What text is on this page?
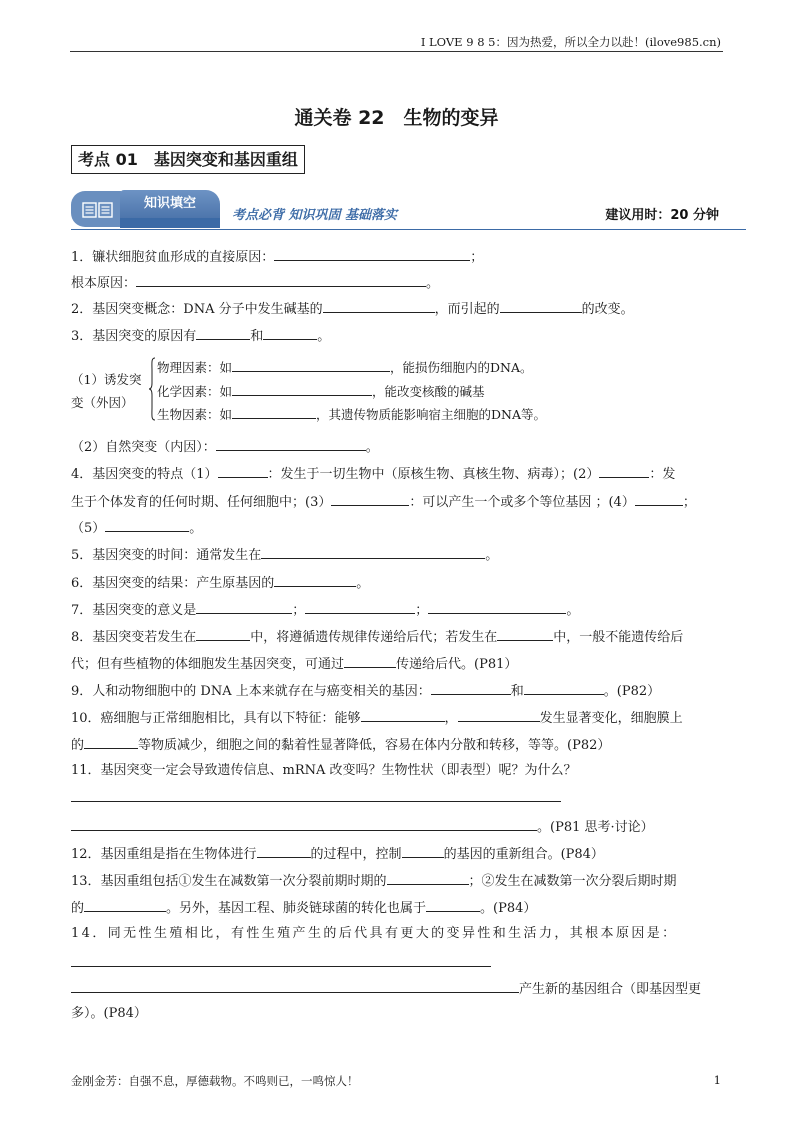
I LOVE 9 8 5：因为热爱，所以全力以赴！(ilove985.cn)
通关卷 22　生物的变异
考点 01　基因突变和基因重组
知识填空
考点必背 知识巩固 基础落实	建议用时：20 分钟
1．镰状细胞贫血形成的直接原因：	；
根本原因：	。
2．基因突变概念：DNA 分子中发生碱基的	，而引起的	的改变。
3．基因突变的原因有	和	。
（1）诱发突
变（外因）
物理因素：如	，能损伤细胞内的DNA。
化学因素：如	，能改变核酸的碱基
生物因素：如	，其遗传物质能影响宿主细胞的DNA等。
（2）自然突变（内因）：	。
4．基因突变的特点（1）	：发生于一切生物中（原核生物、真核生物、病毒）；(2）	：发
生于个体发育的任何时期、任何细胞中；(3）	：可以产生一个或多个等位基因 ；(4）	；
（5）	。
5．基因突变的时间：通常发生在	。
6．基因突变的结果：产生原基因的	。
7．基因突变的意义是	；	；	。
8．基因突变若发生在	中，将遵循遗传规律传递给后代；若发生在	中，一般不能遗传给后
代；但有些植物的体细胞发生基因突变，可通过	传递给后代。(P81）
9．人和动物细胞中的 DNA 上本来就存在与癌变相关的基因：	和	。(P82）
10．癌细胞与正常细胞相比，具有以下特征：能够	，	发生显著变化，细胞膜上
的	等物质减少，细胞之间的黏着性显著降低，容易在体内分散和转移，等等。(P82）
11．基因突变一定会导致遗传信息、mRNA 改变吗？生物性状（即表型）呢？为什么？
。(P81 思考·讨论）
12．基因重组是指在生物体进行	的过程中，控制	的基因的重新组合。(P84）
13．基因重组包括①发生在减数第一次分裂前期时期的	；②发生在减数第一次分裂后期时期
的	。另外，基因工程、肺炎链球菌的转化也属于	。(P84）
14．同无性生殖相比，有性生殖产生的后代具有更大的变异性和生活力，其根本原因是：
产生新的基因组合（即基因型更
多）。(P84）
金刚金芳：自强不息，厚德载物。不鸣则已，一鸣惊人！	1
